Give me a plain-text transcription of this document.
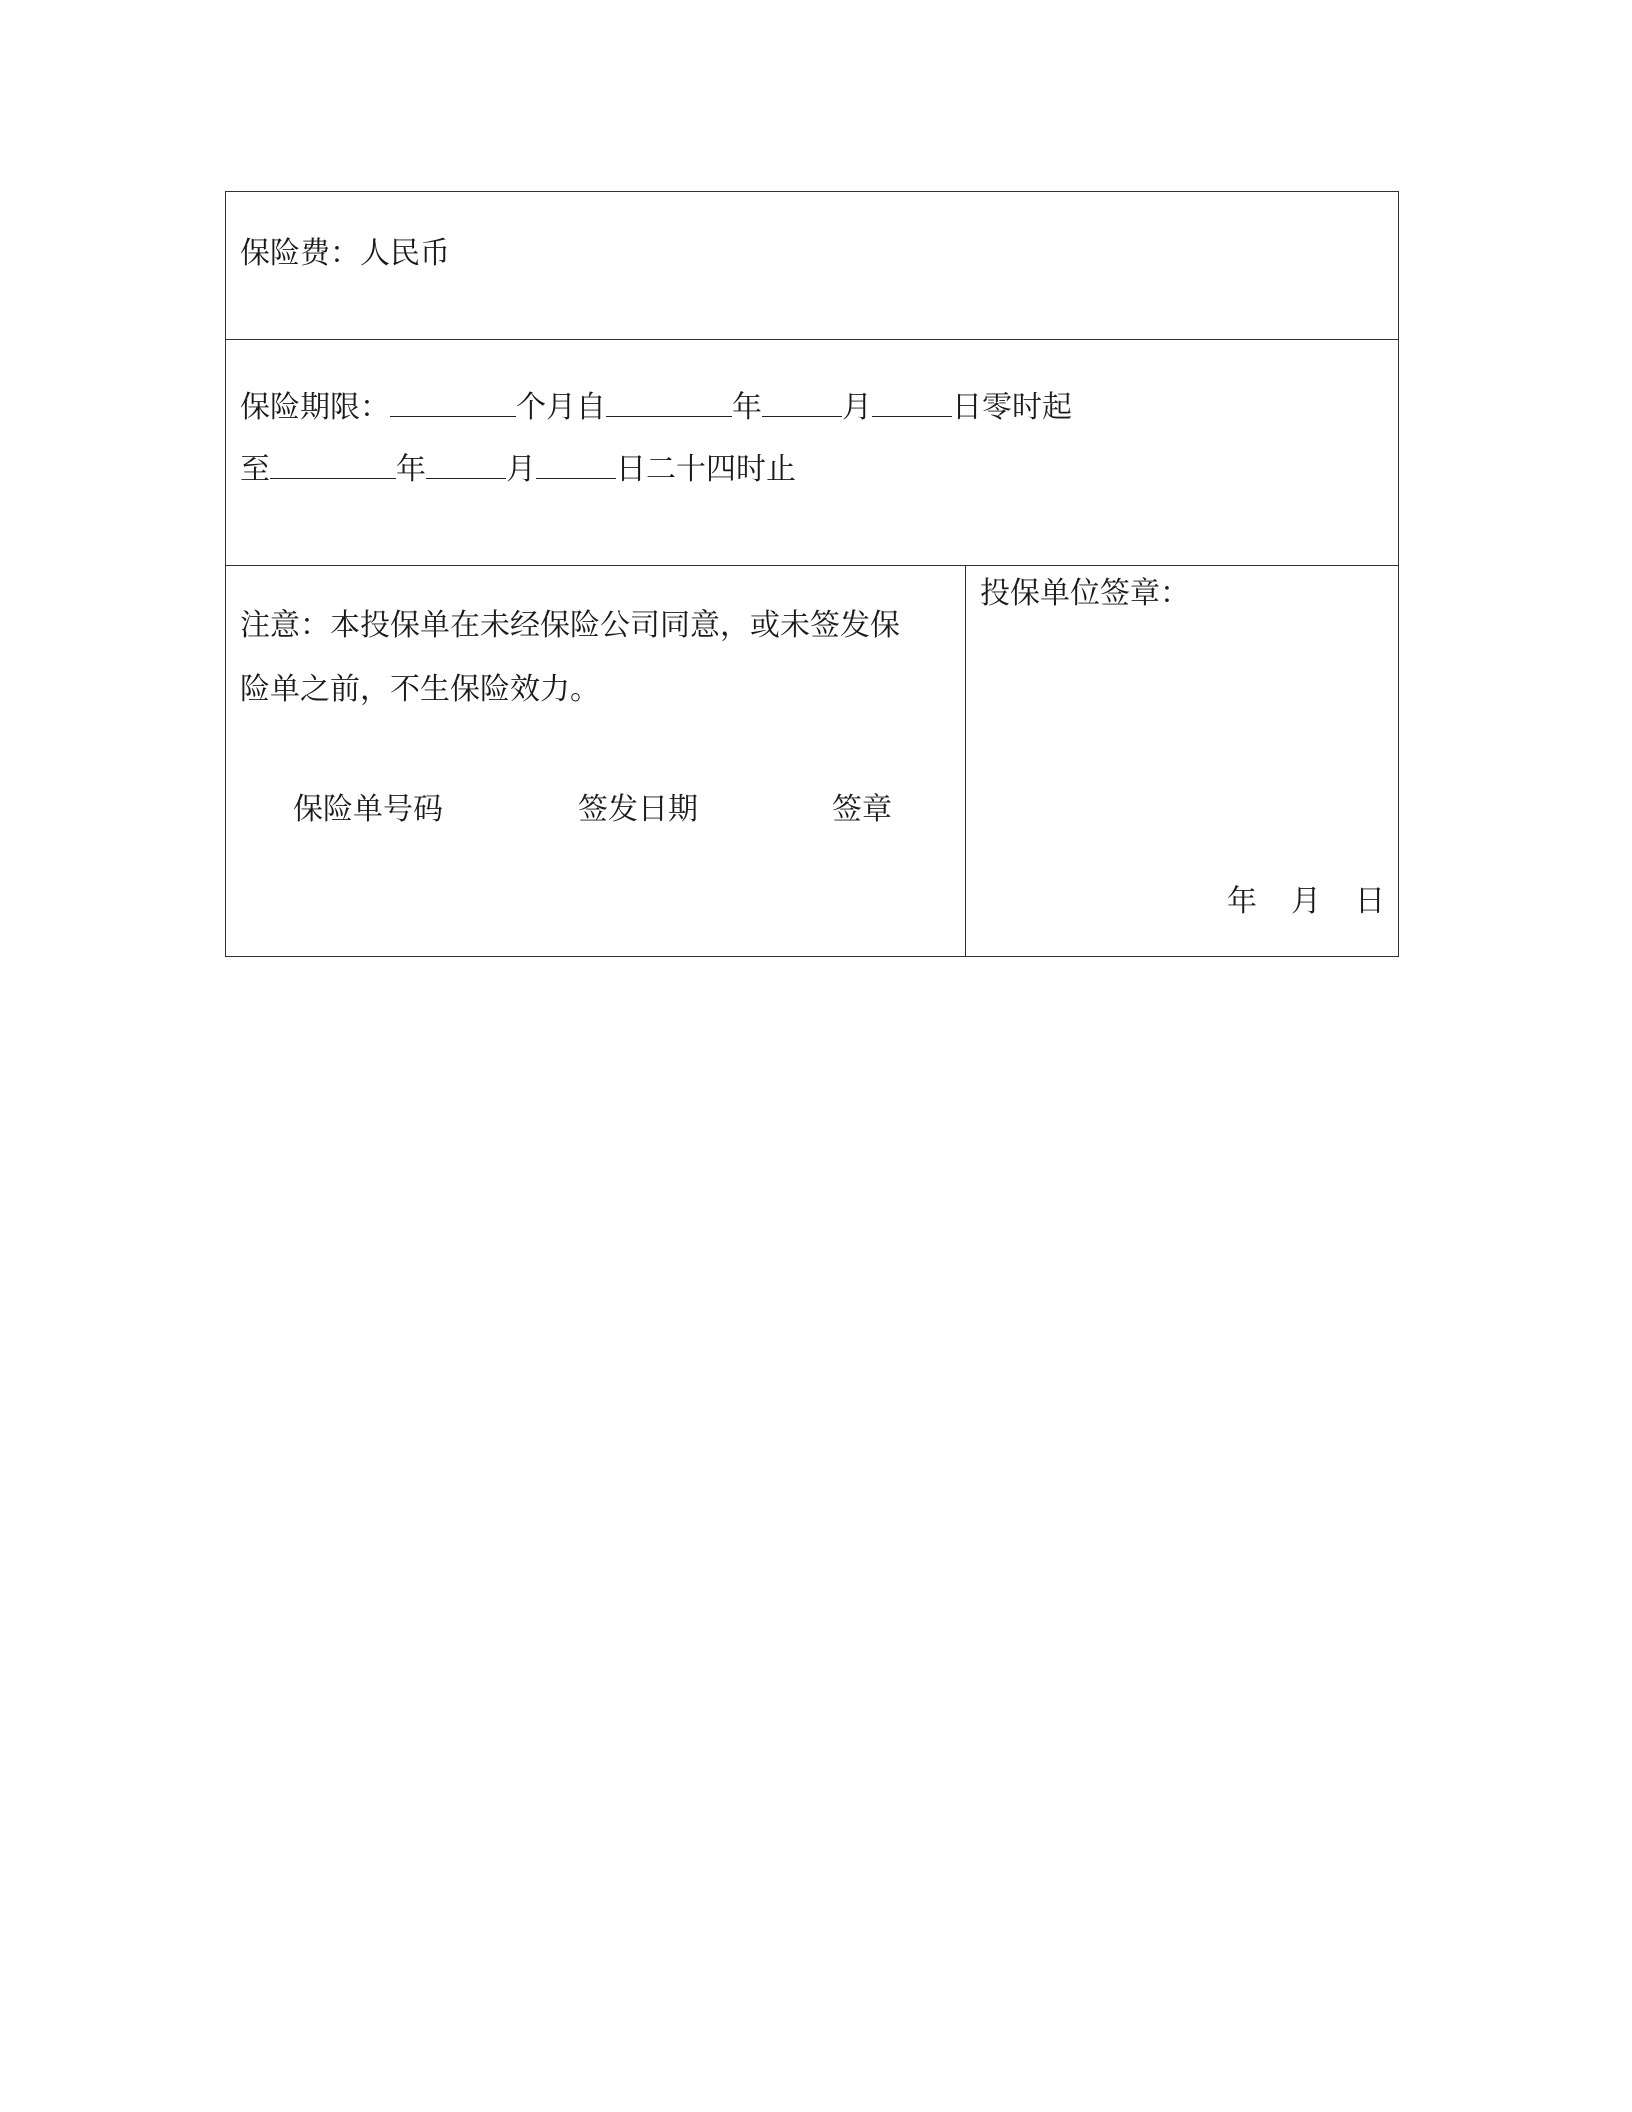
保险费：人民币
保险期限：	个月自	年	月	日零时起
至	年	月	日二十四时止
注意：本投保单在未经保险公司同意，或未签发保
险单之前，不生保险效力。
保险单号码	签发日期	签章
投保单位签章：
年 月 日
